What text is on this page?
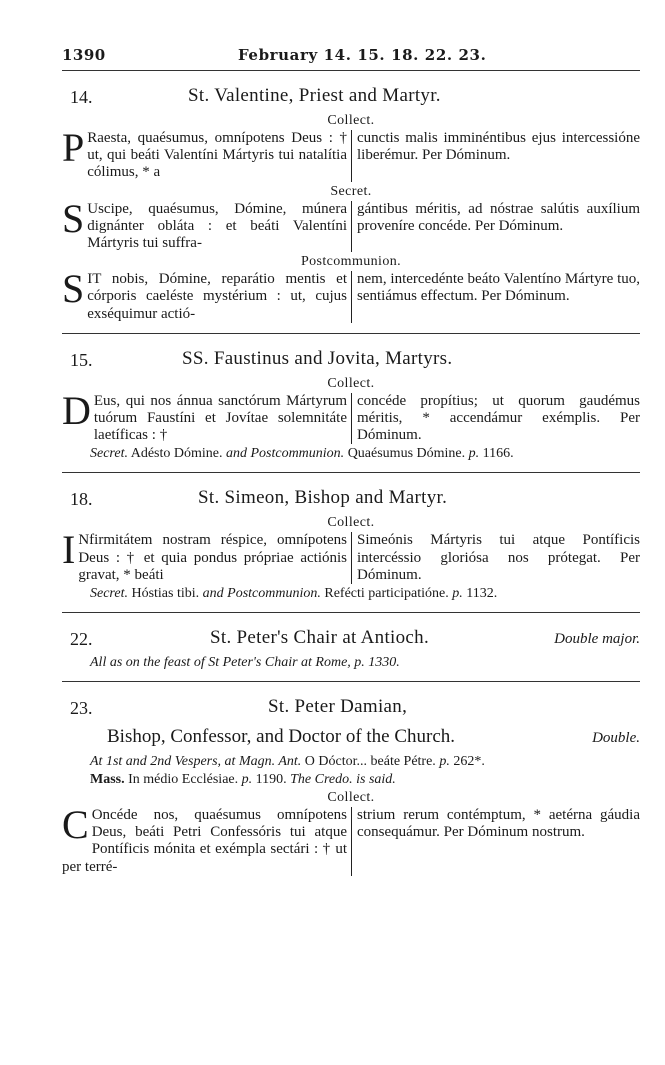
1390	February 14. 15. 18. 22. 23.
14.	St. Valentine, Priest and Martyr.
Collect.
P Raesta, quaésumus, omnípotens Deus : † ut, qui beáti Valentíni Mártyris tui natalítia cólimus, * a
cunctis malis imminéntibus ejus intercessióne liberémur. Per Dóminum.
Secret.
S Uscipe, quaésumus, Dómine, múnera dignánter obláta : et beáti Valentíni Mártyris tui suffra-
gántibus méritis, ad nóstrae salútis auxílium proveníre concéde. Per Dóminum.
Postcommunion.
SIT nobis, Dómine, reparátio mentis et córporis caeléste mystérium : ut, cujus exséquimur actió-
nem, intercedénte beáto Valentíno Mártyre tuo, sentiámus effectum. Per Dóminum.
15.	SS. Faustinus and Jovita, Martyrs.
Collect.
D Eus, qui nos ánnua sanctórum Mártyrum tuórum Faustíni et Jovítae solemnitáte laetíficas : †
concéde propítius; ut quorum gaudémus méritis, * accendámur exémplis. Per Dóminum.
Secret. Adésto Dómine. and Postcommunion. Quaésumus Dómine. p. 1166.
18.	St. Simeon, Bishop and Martyr.
Collect.
I Nfirmitátem nostram réspice, omnípotens Deus : † et quia pondus própriae actiónis gravat, * beáti
Simeónis Mártyris tui atque Pontíficis intercéssio gloriósa nos prótegat. Per Dóminum.
Secret. Hóstias tibi. and Postcommunion. Refécti participatióne. p. 1132.
22.	St. Peter's Chair at Antioch.	Double major.
All as on the feast of St Peter's Chair at Rome, p. 1330.
23.	St. Peter Damian,
Bishop, Confessor, and Doctor of the Church.	Double.
At 1st and 2nd Vespers, at Magn. Ant. O Dóctor... beáte Pétre. p. 262*.
Mass. In médio Ecclésiae. p. 1190. The Credo. is said.
Collect.
C Oncéde nos, quaésumus omnípotens Deus, beáti Petri Confessóris tui atque Pontíficis mónita et exémpla sectári : † ut per terré-
strium rerum contémptum, * aetérna gáudia consequámur. Per Dóminum nostrum.
